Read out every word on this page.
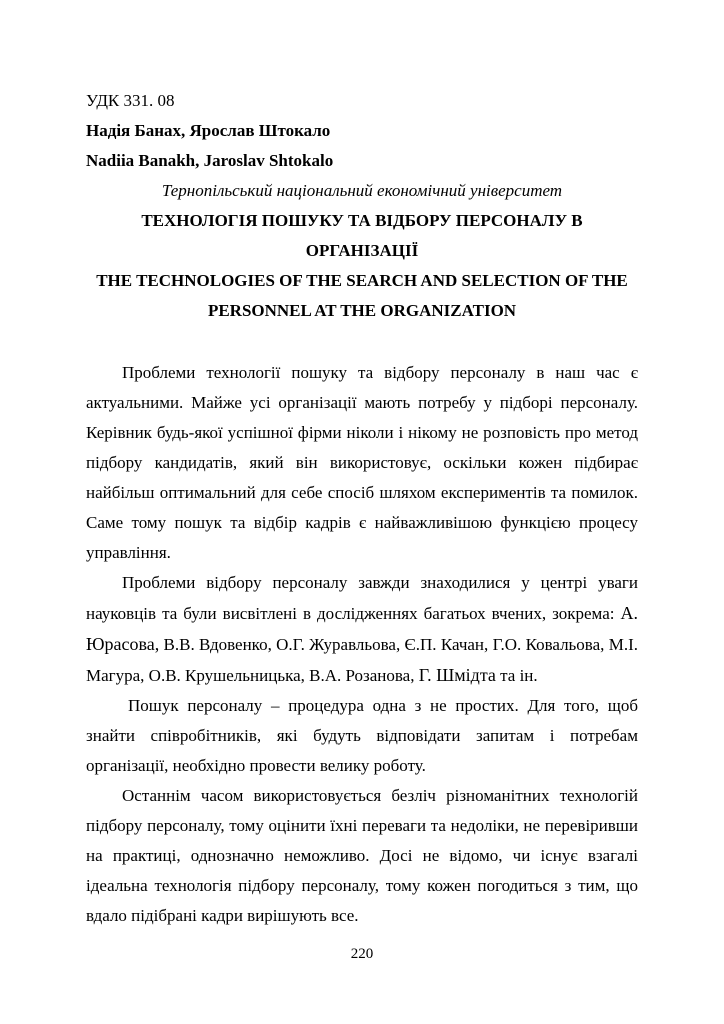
УДК 331. 08
Надія Банах, Ярослав Штокало
Nadiia Banakh, Jaroslav Shtokalo
Тернопільський національний економічний університет
ТЕХНОЛОГІЯ ПОШУКУ ТА ВІДБОРУ ПЕРСОНАЛУ В ОРГАНІЗАЦІЇ
THE TECHNOLOGIES OF THE SEARCH AND SELECTION OF THE PERSONNEL AT THE ORGANIZATION

Проблеми технології пошуку та відбору персоналу в наш час є актуальними. Майже усі організації мають потребу у підборі персоналу. Керівник будь-якої успішної фірми ніколи і нікому не розповість про метод підбору кандидатів, який він використовує, оскільки кожен підбирає найбільш оптимальний для себе спосіб шляхом експериментів та помилок. Саме тому пошук та відбір кадрів є найважливішою функцією процесу управління.

Проблеми відбору персоналу завжди знаходилися у центрі уваги науковців та були висвітлені в дослідженнях багатьох вчених, зокрема: А. Юрасова, В.В. Вдовенко, О.Г. Журавльова, Є.П. Качан, Г.О. Ковальова, М.І. Магура, О.В. Крушельницька, В.А. Розанова, Г. Шмідта та ін.

Пошук персоналу – процедура одна з не простих. Для того, щоб знайти співробітників, які будуть відповідати запитам і потребам організації, необхідно провести велику роботу.

Останнім часом використовується безліч різноманітних технологій підбору персоналу, тому оцінити їхні переваги та недоліки, не перевіривши на практиці, однозначно неможливо. Досі не відомо, чи існує взагалі ідеальна технологія підбору персоналу, тому кожен погодиться з тим, що вдало підібрані кадри вирішують все.

220
